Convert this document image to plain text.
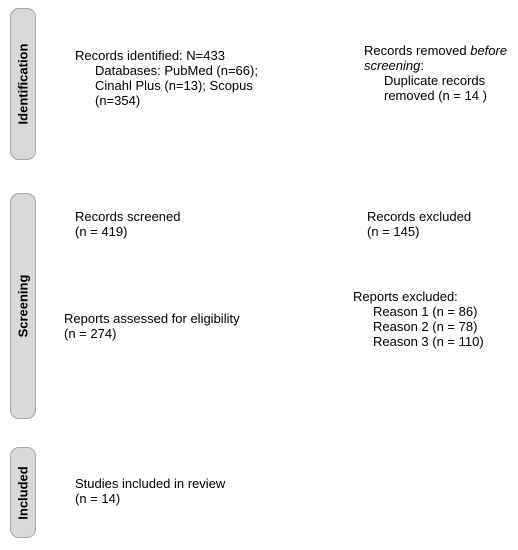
Identification
Screening
Included
Records identified: N=433
Databases: PubMed (n=66);
Cinahl Plus (n=13); Scopus
(n=354)
Records removed before
screening:
Duplicate records
removed (n = 14 )
Records screened
(n = 419)
Records excluded
(n = 145)
Reports assessed for eligibility
(n = 274)
Reports excluded:
Reason 1 (n = 86)
Reason 2 (n = 78)
Reason 3 (n = 110)
Studies included in review
(n = 14)
